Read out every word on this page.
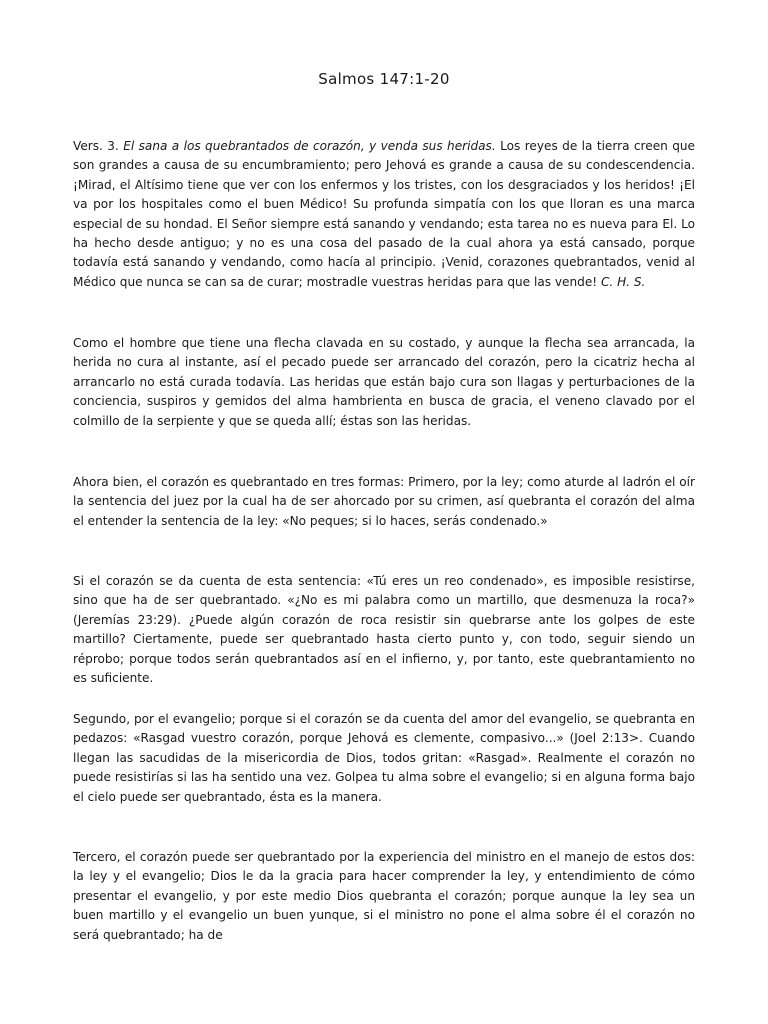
Salmos 147:1-20

Vers. 3. El sana a los quebrantados de corazón, y venda sus heridas. Los reyes de la tierra creen que son grandes a causa de su encumbramiento; pero Jehová es grande a causa de su condescendencia. ¡Mirad, el Altísimo tiene que ver con los enfermos y los tristes, con los desgraciados y los heridos! ¡El va por los hospitales como el buen Médico! Su profunda simpatía con los que lloran es una marca especial de su hondad. El Señor siempre está sanando y vendando; esta tarea no es nueva para El. Lo ha hecho desde antiguo; y no es una cosa del pasado de la cual ahora ya está cansado, porque todavía está sanando y vendando, como hacía al principio. ¡Venid, corazones quebrantados, venid al Médico que nunca se can sa de curar; mostradle vuestras heridas para que las vende! C. H. S.

Como el hombre que tiene una flecha clavada en su costado, y aunque la flecha sea arrancada, la herida no cura al instante, así el pecado puede ser arrancado del corazón, pero la cicatriz hecha al arrancarlo no está curada todavía. Las heridas que están bajo cura son llagas y perturbaciones de la conciencia, suspiros y gemidos del alma hambrienta en busca de gracia, el veneno clavado por el colmillo de la serpiente y que se queda allí; éstas son las heridas.

Ahora bien, el corazón es quebrantado en tres formas: Primero, por la ley; como aturde al ladrón el oír la sentencia del juez por la cual ha de ser ahorcado por su crimen, así quebranta el corazón del alma el entender la sentencia de la ley: «No peques; si lo haces, serás condenado.»

Si el corazón se da cuenta de esta sentencia: «Tú eres un reo condenado», es imposible resistirse, sino que ha de ser quebrantado. «¿No es mi palabra como un martillo, que desmenuza la roca?» (Jeremías 23:29). ¿Puede algún corazón de roca resistir sin quebrarse ante los golpes de este martillo? Ciertamente, puede ser quebrantado hasta cierto punto y, con todo, seguir siendo un réprobo; porque todos serán quebrantados así en el infierno, y, por tanto, este quebrantamiento no es suficiente.

Segundo, por el evangelio; porque si el corazón se da cuenta del amor del evangelio, se quebranta en pedazos: «Rasgad vuestro corazón, porque Jehová es clemente, compasivo...» (Joel 2:13>. Cuando llegan las sacudidas de la misericordia de Dios, todos gritan: «Rasgad». Realmente el corazón no puede resistirías si las ha sentido una vez. Golpea tu alma sobre el evangelio; si en alguna forma bajo el cielo puede ser quebrantado, ésta es la manera.

Tercero, el corazón puede ser quebrantado por la experiencia del ministro en el manejo de estos dos: la ley y el evangelio; Dios le da la gracia para hacer comprender la ley, y entendimiento de cómo presentar el evangelio, y por este medio Dios quebranta el corazón; porque aunque la ley sea un buen martillo y el evangelio un buen yunque, si el ministro no pone el alma sobre él el corazón no será quebrantado; ha de
